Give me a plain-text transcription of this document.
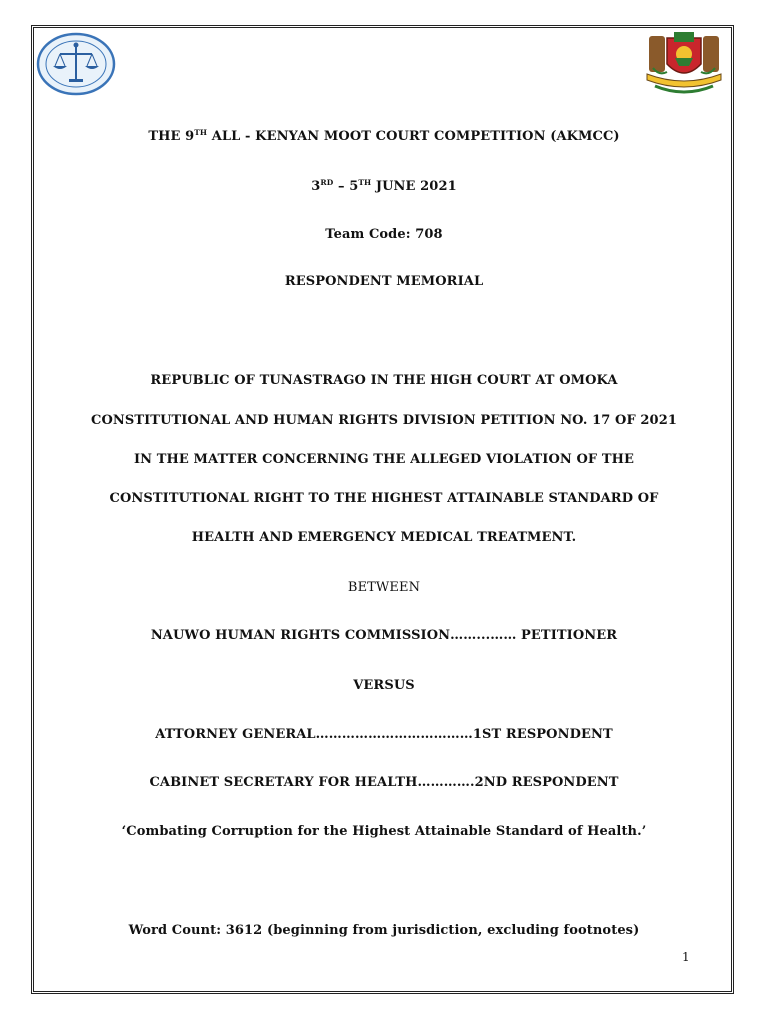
THE 9TH ALL - KENYAN MOOT COURT COMPETITION (AKMCC)
3RD – 5TH JUNE 2021
Team Code: 708
RESPONDENT MEMORIAL
REPUBLIC OF TUNASTRAGO IN THE HIGH COURT AT OMOKA
CONSTITUTIONAL AND HUMAN RIGHTS DIVISION PETITION NO. 17 OF 2021
IN THE MATTER CONCERNING THE ALLEGED VIOLATION OF THE
CONSTITUTIONAL RIGHT TO THE HIGHEST ATTAINABLE STANDARD OF
HEALTH AND EMERGENCY MEDICAL TREATMENT.
BETWEEN
NAUWO HUMAN RIGHTS COMMISSION……...…… PETITIONER
VERSUS
ATTORNEY GENERAL………………………………1ST RESPONDENT
CABINET SECRETARY FOR HEALTH………….2ND RESPONDENT
‘Combating Corruption for the Highest Attainable Standard of Health.’
Word Count: 3612 (beginning from jurisdiction, excluding footnotes)
1
